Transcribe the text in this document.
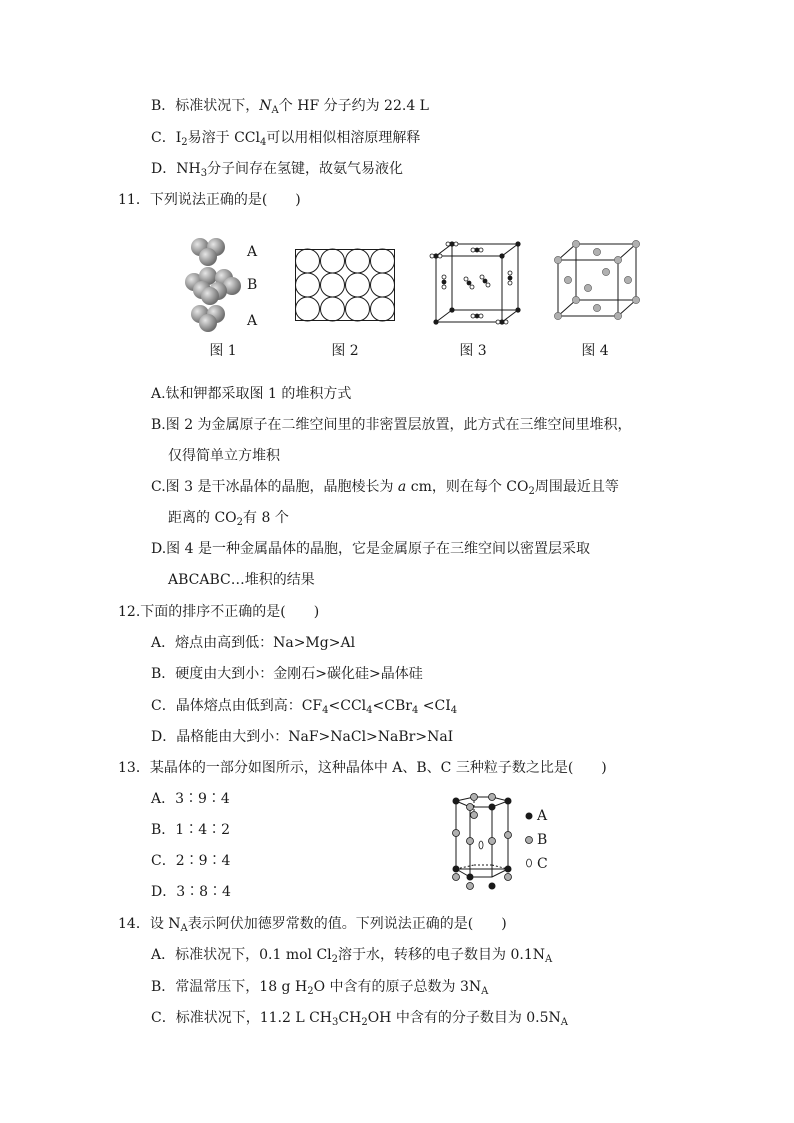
B．标准状况下，$N_A$个 HF 分子约为 22.4 L
C．$I_2$易溶于 CCl$_4$可以用相似相溶原理解释
D．$NH_3$分子间存在氢键，故氨气易液化
11．下列说法正确的是(　　)
A
B
A
图 1	图 2	图 3	图 4
A.钛和钾都采取图 1 的堆积方式
B.图 2 为金属原子在二维空间里的非密置层放置，此方式在三维空间里堆积，
仅得简单立方堆积
C.图 3 是干冰晶体的晶胞，晶胞棱长为 a cm，则在每个 $CO_2$周围最近且等
距离的 $CO_2$有 8 个
D.图 4 是一种金属晶体的晶胞，它是金属原子在三维空间以密置层采取
ABCABC…堆积的结果
12.下面的排序不正确的是(　　)
A．熔点由高到低：Na>Mg>Al
B．硬度由大到小：金刚石>碳化硅>晶体硅
C．晶体熔点由低到高：$CF_4<CCl_4<CBr_4 <CI_4$
D．晶格能由大到小：NaF>NaCl>NaBr>NaI
13．某晶体的一部分如图所示，这种晶体中 A、B、C 三种粒子数之比是(　　)
A．3∶9∶4
B．1∶4∶2
C．2∶9∶4
D．3∶8∶4
A
B
C
14．设 $N_A$表示阿伏加德罗常数的值。下列说法正确的是(　　)
A．标准状况下，0.1 mol $Cl_2$溶于水，转移的电子数目为 $0.1N_A$
B．常温常压下，18 g $H_2O$ 中含有的原子总数为 $3N_A$
C．标准状况下，11.2 L $CH_3CH_2OH$ 中含有的分子数目为 $0.5N_A$
